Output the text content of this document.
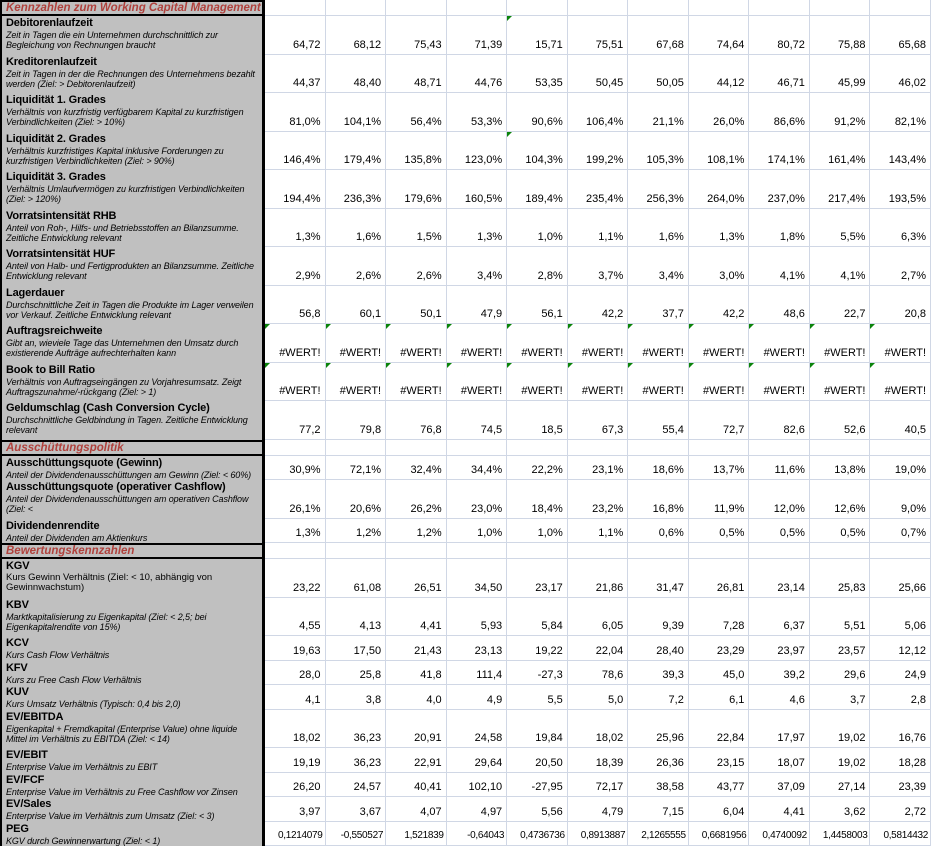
Kennzahlen zum Working Capital Management
Debitorenlaufzeit
Zeit in Tagen die ein Unternehmen durchschnittlich zur Begleichung von Rechnungen braucht	64,72	68,12	75,43	71,39	15,71	75,51	67,68	74,64	80,72	75,88	65,68
Kreditorenlaufzeit
Zeit in Tagen in der die Rechnungen des Unternehmens bezahlt werden (Ziel: > Debitorenlaufzeit)	44,37	48,40	48,71	44,76	53,35	50,45	50,05	44,12	46,71	45,99	46,02
Liquidität 1. Grades
Verhältnis von kurzfristig verfügbarem Kapital zu kurzfristigen Verbindlichkeiten (Ziel: > 10%)	81,0%	104,1%	56,4%	53,3%	90,6%	106,4%	21,1%	26,0%	86,6%	91,2%	82,1%
Liquidität 2. Grades
Verhältnis kurzfristiges Kapital inklusive Forderungen zu kurzfristigen Verbindlichkeiten (Ziel: > 90%)	146,4%	179,4%	135,8%	123,0%	104,3%	199,2%	105,3%	108,1%	174,1%	161,4%	143,4%
Liquidität 3. Grades
Verhältnis Umlaufvermögen zu kurzfristigen Verbindlichkeiten (Ziel: > 120%)	194,4%	236,3%	179,6%	160,5%	189,4%	235,4%	256,3%	264,0%	237,0%	217,4%	193,5%
Vorratsintensität RHB
Anteil von Roh-, Hilfs- und Betriebsstoffen an Bilanzsumme. Zeitliche Entwicklung relevant	1,3%	1,6%	1,5%	1,3%	1,0%	1,1%	1,6%	1,3%	1,8%	5,5%	6,3%
Vorratsintensität HUF
Anteil von Halb- und Fertigprodukten an Bilanzsumme. Zeitliche Entwicklung relevant	2,9%	2,6%	2,6%	3,4%	2,8%	3,7%	3,4%	3,0%	4,1%	4,1%	2,7%
Lagerdauer
Durchschnittliche Zeit in Tagen die Produkte im Lager verweilen vor Verkauf. Zeitliche Entwicklung relevant	56,8	60,1	50,1	47,9	56,1	42,2	37,7	42,2	48,6	22,7	20,8
Auftragsreichweite
Gibt an, wieviele Tage das Unternehmen den Umsatz durch existierende Aufträge aufrechterhalten kann	#WERT!	#WERT!	#WERT!	#WERT!	#WERT!	#WERT!	#WERT!	#WERT!	#WERT!	#WERT!	#WERT!
Book to Bill Ratio
Verhältnis von Auftragseingängen zu Vorjahresumsatz. Zeigt Auftragszunahme/-rückgang (Ziel: > 1)	#WERT!	#WERT!	#WERT!	#WERT!	#WERT!	#WERT!	#WERT!	#WERT!	#WERT!	#WERT!	#WERT!
Geldumschlag (Cash Conversion Cycle)
Durchschnittliche Geldbindung in Tagen. Zeitliche Entwicklung relevant	77,2	79,8	76,8	74,5	18,5	67,3	55,4	72,7	82,6	52,6	40,5
Ausschüttungspolitik
Ausschüttungsquote (Gewinn)
Anteil der Dividendenausschüttungen am Gewinn (Ziel: < 60%)	30,9%	72,1%	32,4%	34,4%	22,2%	23,1%	18,6%	13,7%	11,6%	13,8%	19,0%
Ausschüttungsquote (operativer Cashflow)
Anteil der Dividendenausschüttungen am operativen Cashflow (Ziel: <	26,1%	20,6%	26,2%	23,0%	18,4%	23,2%	16,8%	11,9%	12,0%	12,6%	9,0%
Dividendenrendite
Anteil der Dividenden am Aktienkurs	1,3%	1,2%	1,2%	1,0%	1,0%	1,1%	0,6%	0,5%	0,5%	0,5%	0,7%
Bewertungskennzahlen
KGV
Kurs Gewinn Verhältnis (Ziel: < 10, abhängig von Gewinnwachstum)	23,22	61,08	26,51	34,50	23,17	21,86	31,47	26,81	23,14	25,83	25,66
KBV
Marktkapitalisierung zu Eigenkapital (Ziel: < 2,5; bei Eigenkapitalrendite von 15%)	4,55	4,13	4,41	5,93	5,84	6,05	9,39	7,28	6,37	5,51	5,06
KCV
Kurs Cash Flow Verhältnis	19,63	17,50	21,43	23,13	19,22	22,04	28,40	23,29	23,97	23,57	12,12
KFV
Kurs zu Free Cash Flow Verhältnis	28,0	25,8	41,8	111,4	-27,3	78,6	39,3	45,0	39,2	29,6	24,9
KUV
Kurs Umsatz Verhältnis (Typisch: 0,4 bis 2,0)	4,1	3,8	4,0	4,9	5,5	5,0	7,2	6,1	4,6	3,7	2,8
EV/EBITDA
Eigenkapital + Fremdkapital (Enterprise Value) ohne liquide Mittel im Verhältnis zu EBITDA (Ziel: < 14)	18,02	36,23	20,91	24,58	19,84	18,02	25,96	22,84	17,97	19,02	16,76
EV/EBIT
Enterprise Value im Verhältnis zu EBIT	19,19	36,23	22,91	29,64	20,50	18,39	26,36	23,15	18,07	19,02	18,28
EV/FCF
Enterprise Value im Verhältnis zu Free Cashflow vor Zinsen	26,20	24,57	40,41	102,10	-27,95	72,17	38,58	43,77	37,09	27,14	23,39
EV/Sales
Enterprise Value im Verhältnis zum Umsatz (Ziel: < 3)	3,97	3,67	4,07	4,97	5,56	4,79	7,15	6,04	4,41	3,62	2,72
PEG
KGV durch Gewinnerwartung (Ziel: < 1)	0,1214079 -0,550527 1,521839 -0,64043 0,4736736 0,8913887 2,1265555 0,6681956 0,4740092 1,4458003 0,5814432
